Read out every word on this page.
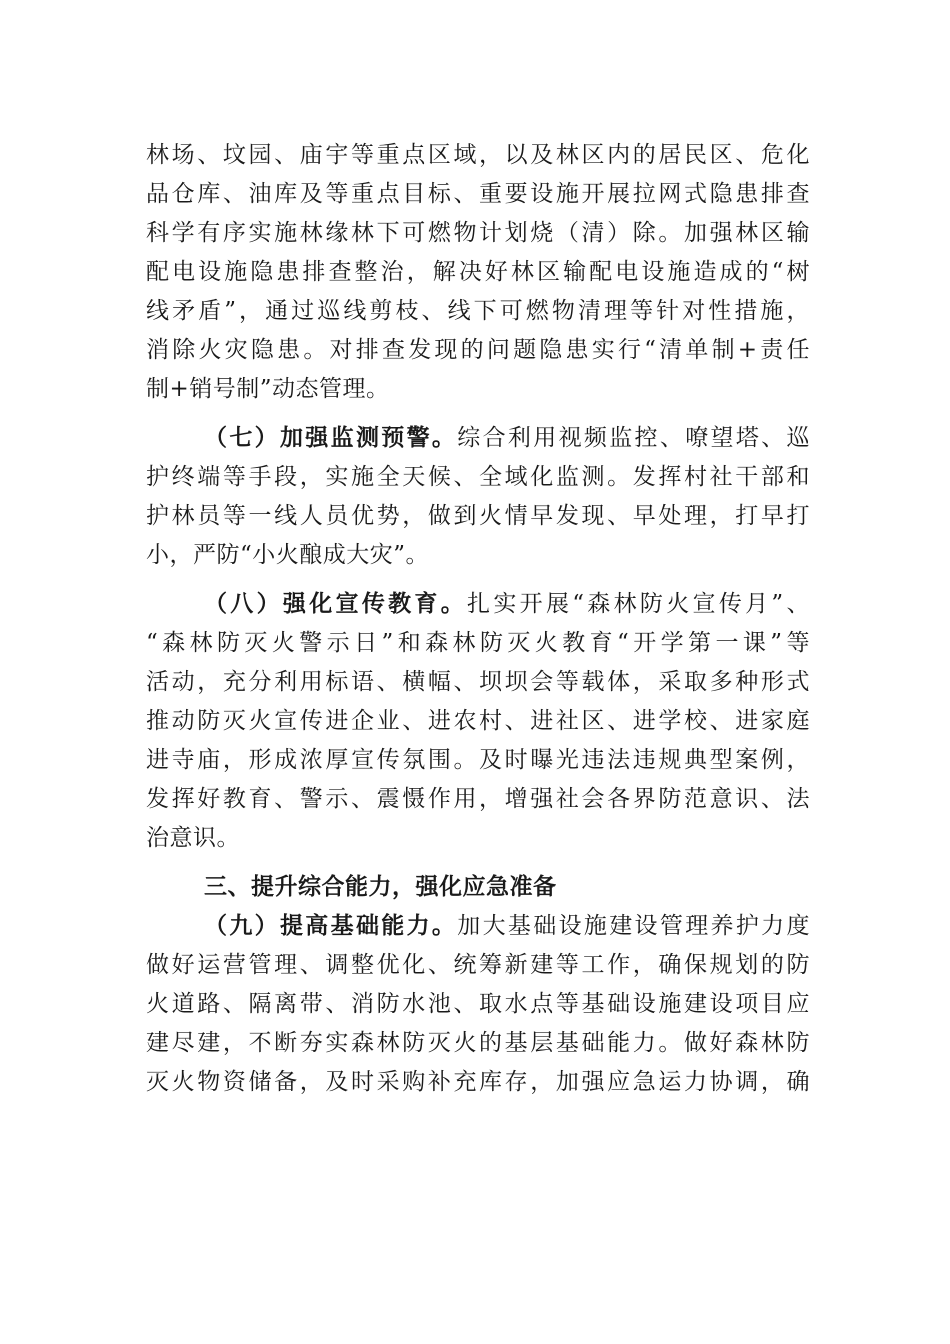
林场、坟园、庙宇等重点区域，以及林区内的居民区、危化
品仓库、油库及等重点目标、重要设施开展拉网式隐患排查
科学有序实施林缘林下可燃物计划烧（清）除。加强林区输
配电设施隐患排查整治，解决好林区输配电设施造成的“树
线矛盾”，通过巡线剪枝、线下可燃物清理等针对性措施，
消除火灾隐患。对排查发现的问题隐患实行“清单制+责任
制+销号制”动态管理。
（七）加强监测预警。综合利用视频监控、嘹望塔、巡
护终端等手段，实施全天候、全域化监测。发挥村社干部和
护林员等一线人员优势，做到火情早发现、早处理，打早打
小，严防“小火酿成大灾”。
（八）强化宣传教育。扎实开展“森林防火宣传月”、
“森林防灭火警示日”和森林防灭火教育“开学第一课”等
活动，充分利用标语、横幅、坝坝会等载体，采取多种形式
推动防灭火宣传进企业、进农村、进社区、进学校、进家庭
进寺庙，形成浓厚宣传氛围。及时曝光违法违规典型案例，
发挥好教育、警示、震慑作用，增强社会各界防范意识、法
治意识。
三、提升综合能力，强化应急准备
（九）提高基础能力。加大基础设施建设管理养护力度
做好运营管理、调整优化、统筹新建等工作，确保规划的防
火道路、隔离带、消防水池、取水点等基础设施建设项目应
建尽建，不断夯实森林防灭火的基层基础能力。做好森林防
灭火物资储备，及时采购补充库存，加强应急运力协调，确
